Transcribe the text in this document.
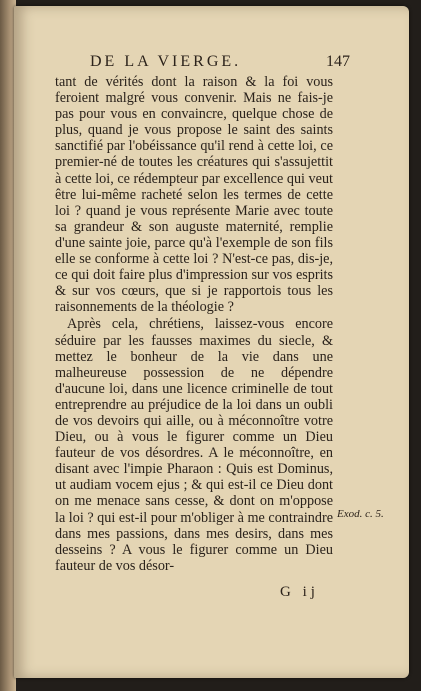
DE LA VIERGE.	147
tant de vérités dont la raison & la foi vous feroient malgré vous convenir. Mais ne fais-je pas pour vous en convaincre, quelque chose de plus, quand je vous propose le saint des saints sanctifié par l'obéissance qu'il rend à cette loi, ce premier-né de toutes les créatures qui s'assujettit à cette loi, ce rédempteur par excellence qui veut être lui-même racheté selon les termes de cette loi ? quand je vous représente Marie avec toute sa grandeur & son auguste maternité, remplie d'une sainte joie, parce qu'à l'exemple de son fils elle se conforme à cette loi ? N'est-ce pas, dis-je, ce qui doit faire plus d'impression sur vos esprits & sur vos cœurs, que si je rapportois tous les raisonnements de la théologie ?
Après cela, chrétiens, laissez-vous encore séduire par les fausses maximes du siecle, & mettez le bonheur de la vie dans une malheureuse possession de ne dépendre d'aucune loi, dans une licence criminelle de tout entreprendre au préjudice de la loi dans un oubli de vos devoirs qui aille, ou à méconnoître votre Dieu, ou à vous le figurer comme un Dieu fauteur de vos désordres. A le méconnoître, en disant avec l'impie Pharaon : Quis est Dominus, ut audiam vocem ejus ; & qui est-il ce Dieu dont on me menace sans cesse, & dont on m'oppose la loi ? qui est-il pour m'obliger à me contraindre dans mes passions, dans mes desirs, dans mes desseins ? A vous le figurer comme un Dieu fauteur de vos désor-
Exod. c. 5.
G ij
